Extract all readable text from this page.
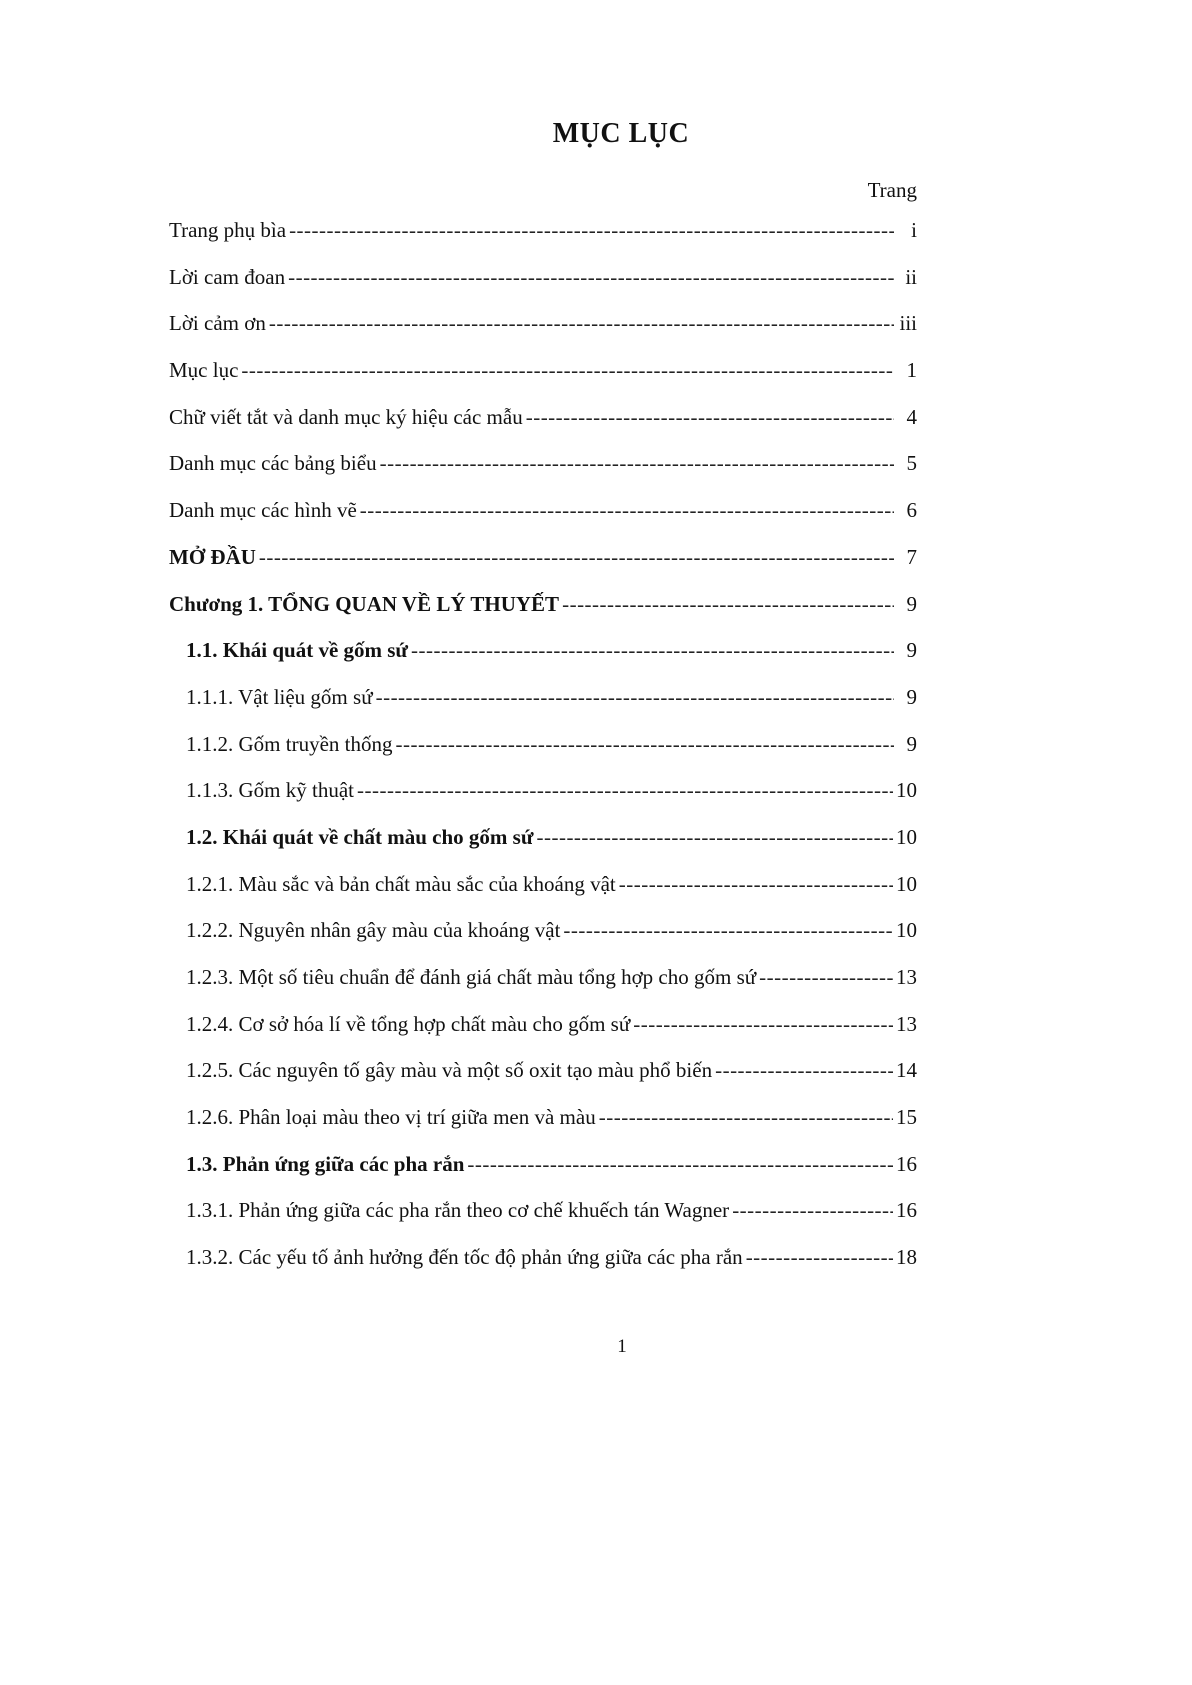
MỤC LỤC
Trang
Trang phụ bìa -----	i
Lời cam đoan -----	ii
Lời cảm ơn -----	iii
Mục lục -----	1
Chữ viết tắt và danh mục ký hiệu các mẫu -----	4
Danh mục các bảng biểu -----	5
Danh mục các hình vẽ -----	6
MỞ ĐẦU -----	7
Chương 1. TỔNG QUAN VỀ LÝ THUYẾT -----	9
1.1. Khái quát về gốm sứ -----	9
1.1.1. Vật liệu gốm sứ -----	9
1.1.2. Gốm truyền thống -----	9
1.1.3. Gốm kỹ thuật -----	10
1.2. Khái quát về chất màu cho gốm sứ -----	10
1.2.1. Màu sắc và bản chất màu sắc của khoáng vật -----	10
1.2.2. Nguyên nhân gây màu của khoáng vật -----	10
1.2.3. Một số tiêu chuẩn để đánh giá chất màu tổng hợp cho gốm sứ -----	13
1.2.4. Cơ sở hóa lí về tổng hợp chất màu cho gốm sứ -----	13
1.2.5. Các nguyên tố gây màu và một số oxit tạo màu phổ biến -----	14
1.2.6. Phân loại màu theo vị trí giữa men và màu -----	15
1.3. Phản ứng giữa các pha rắn -----	16
1.3.1. Phản ứng giữa các pha rắn theo cơ chế khuếch tán Wagner -----	16
1.3.2. Các yếu tố ảnh hưởng đến tốc độ phản ứng giữa các pha rắn -----	18
1
